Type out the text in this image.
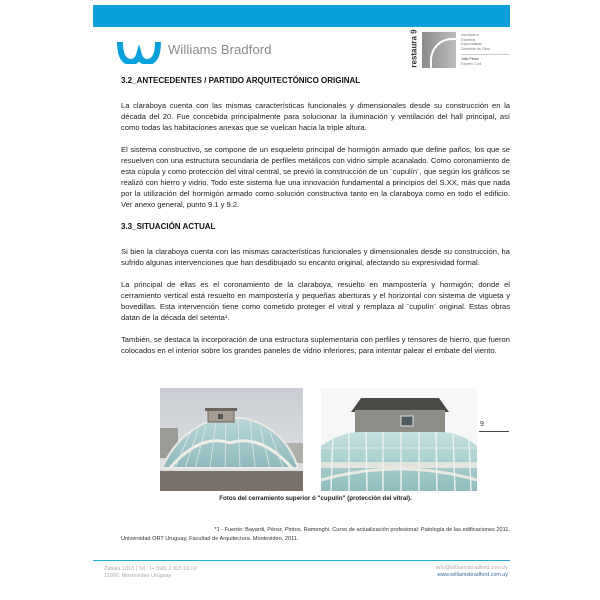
Williams Bradford	restaura 9	Asociado a
Expertos
Especialistas
Dirección de Obra
Julio Pérez
Experto Civil
3.2_ANTECEDENTES / PARTIDO ARQUITECTÓNICO ORIGINAL

La claraboya cuenta con las mismas características funcionales y dimensionales desde su construcción en la década del 20. Fue concebida principalmente para solucionar la iluminación y ventilación del hall principal, así como todas las habitaciones anexas que se vuelcan hacia la triple altura.

El sistema constructivo, se compone de un esqueleto principal de hormigón armado que define paños, los que se resuelven con una estructura secundaria de perfiles metálicos con vidrio simple acanalado. Como coronamiento de esta cúpula y como protección del vitral central, se previó la construcción de un ¨cupulín¨, que según los gráficos se realizó con hierro y vidrio. Todo este sistema fue una innovación fundamental a principios del S.XX, más que nada por la utilización del hormigón armado como solución constructiva tanto en la claraboya como en todo el edificio. Ver anexo general, punto 9.1 y 9.2.

3.3_SITUACIÓN ACTUAL

Si bien la claraboya cuenta con las mismas características funcionales y dimensionales desde su construcción, ha sufrido algunas intervenciones que han desdibujado su encanto original, afectando su expresividad formal.

La principal de ellas es el coronamiento de la claraboya, resuelto en mampostería y hormigón; donde el cerramiento vertical está resuelto en mampostería y pequeñas aberturas y el horizontal con sistema de vigueta y bovedillas. Esta intervención tiene como cometido proteger el vitral y remplaza al ¨cupulín¨ original. Estas obras datan de la década del setenta¹.

También, se destaca la incorporación de una estructura suplementaria con perfiles y tensores de hierro, que fueron colocados en el interior sobre los grandes paneles de vidrio inferiores, para intentar palear el embate del viento.

9
Fotos del cerramiento superior ó "cupulín" (protección del vitral).
*1 - Fuente: Bayardi, Pérez, Pintos, Ramenghi. Curso de actualización profesional: Patología de las edificaciones 2011.
Universidad ORT Uruguay, Facultad de Arquitectura. Montevideo, 2011.
Zabala 1313 | Tel.: (+ 598) 2 915 03 02
11000, Montevideo Uruguay
info@williamsbradford.com.uy
www.williamsbradford.com.uy
